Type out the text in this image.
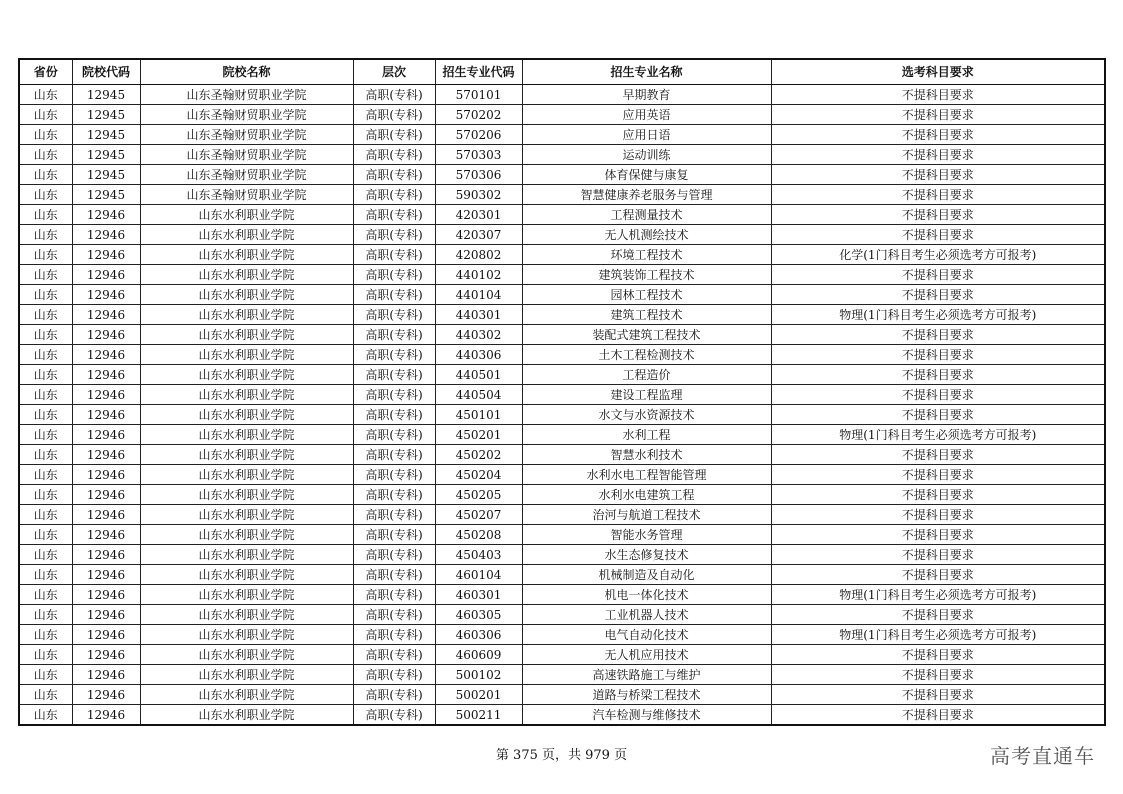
省份	院校代码	院校名称	层次	招生专业代码	招生专业名称	选考科目要求
山东	12945	山东圣翰财贸职业学院	高职(专科)	570101	早期教育	不提科目要求
山东	12945	山东圣翰财贸职业学院	高职(专科)	570202	应用英语	不提科目要求
山东	12945	山东圣翰财贸职业学院	高职(专科)	570206	应用日语	不提科目要求
山东	12945	山东圣翰财贸职业学院	高职(专科)	570303	运动训练	不提科目要求
山东	12945	山东圣翰财贸职业学院	高职(专科)	570306	体育保健与康复	不提科目要求
山东	12945	山东圣翰财贸职业学院	高职(专科)	590302	智慧健康养老服务与管理	不提科目要求
山东	12946	山东水利职业学院	高职(专科)	420301	工程测量技术	不提科目要求
山东	12946	山东水利职业学院	高职(专科)	420307	无人机测绘技术	不提科目要求
山东	12946	山东水利职业学院	高职(专科)	420802	环境工程技术	化学(1门科目考生必须选考方可报考)
山东	12946	山东水利职业学院	高职(专科)	440102	建筑装饰工程技术	不提科目要求
山东	12946	山东水利职业学院	高职(专科)	440104	园林工程技术	不提科目要求
山东	12946	山东水利职业学院	高职(专科)	440301	建筑工程技术	物理(1门科目考生必须选考方可报考)
山东	12946	山东水利职业学院	高职(专科)	440302	装配式建筑工程技术	不提科目要求
山东	12946	山东水利职业学院	高职(专科)	440306	土木工程检测技术	不提科目要求
山东	12946	山东水利职业学院	高职(专科)	440501	工程造价	不提科目要求
山东	12946	山东水利职业学院	高职(专科)	440504	建设工程监理	不提科目要求
山东	12946	山东水利职业学院	高职(专科)	450101	水文与水资源技术	不提科目要求
山东	12946	山东水利职业学院	高职(专科)	450201	水利工程	物理(1门科目考生必须选考方可报考)
山东	12946	山东水利职业学院	高职(专科)	450202	智慧水利技术	不提科目要求
山东	12946	山东水利职业学院	高职(专科)	450204	水利水电工程智能管理	不提科目要求
山东	12946	山东水利职业学院	高职(专科)	450205	水利水电建筑工程	不提科目要求
山东	12946	山东水利职业学院	高职(专科)	450207	治河与航道工程技术	不提科目要求
山东	12946	山东水利职业学院	高职(专科)	450208	智能水务管理	不提科目要求
山东	12946	山东水利职业学院	高职(专科)	450403	水生态修复技术	不提科目要求
山东	12946	山东水利职业学院	高职(专科)	460104	机械制造及自动化	不提科目要求
山东	12946	山东水利职业学院	高职(专科)	460301	机电一体化技术	物理(1门科目考生必须选考方可报考)
山东	12946	山东水利职业学院	高职(专科)	460305	工业机器人技术	不提科目要求
山东	12946	山东水利职业学院	高职(专科)	460306	电气自动化技术	物理(1门科目考生必须选考方可报考)
山东	12946	山东水利职业学院	高职(专科)	460609	无人机应用技术	不提科目要求
山东	12946	山东水利职业学院	高职(专科)	500102	高速铁路施工与维护	不提科目要求
山东	12946	山东水利职业学院	高职(专科)	500201	道路与桥梁工程技术	不提科目要求
山东	12946	山东水利职业学院	高职(专科)	500211	汽车检测与维修技术	不提科目要求
第 375 页，共 979 页	高考直通车
